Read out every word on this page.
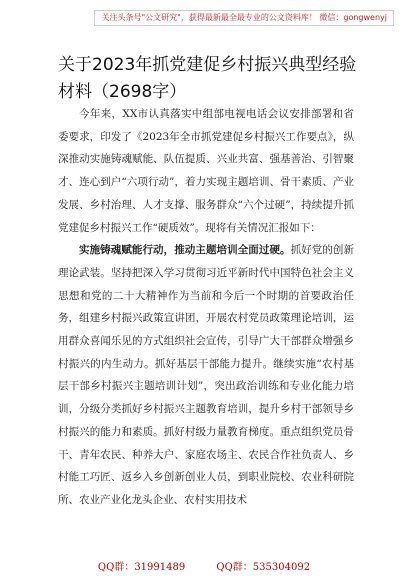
关注头条号"公文研究"，获得最新最全最专业的公文资料库！ 微信：gongwenyj
关于2023年抓党建促乡村振兴典型经验材料（2698字）

今年来，XX市认真落实中组部电视电话会议安排部署和省委要求，印发了《2023年全市抓党建促乡村振兴工作要点》，纵深推动实施铸魂赋能、队伍提质、兴业共富、强基善治、引智聚才、连心到户“六项行动”，着力实现主题培训、骨干素质、产业发展、乡村治理、人才支撑、服务群众“六个过硬”，持续提升抓党建促乡村振兴工作“硬质效”。现将有关情况汇报如下：

实施铸魂赋能行动，推动主题培训全面过硬。抓好党的创新理论武装。坚持把深入学习贯彻习近平新时代中国特色社会主义思想和党的二十大精神作为当前和今后一个时期的首要政治任务，组建乡村振兴政策宣讲团，开展农村党员政策理论培训，运用群众喜闻乐见的方式组织社会宣传，引导广大干部群众增强乡村振兴的内生动力。抓好基层干部能力提升。继续实施“农村基层干部乡村振兴主题培训计划”，突出政治训练和专业化能力培训，分级分类抓好乡村振兴主题教育培训，提升乡村干部领导乡村振兴的能力和素质。抓好村级力量教育梯度。重点组织党员骨干、青年农民、种养大户、家庭农场主、农民合作社负责人、乡村能工巧匠、返乡入乡创新创业人员，到职业院校、农业科研院所、农业产业化龙头企业、农村实用技术

QQ群：31991489	QQ群：535304092
